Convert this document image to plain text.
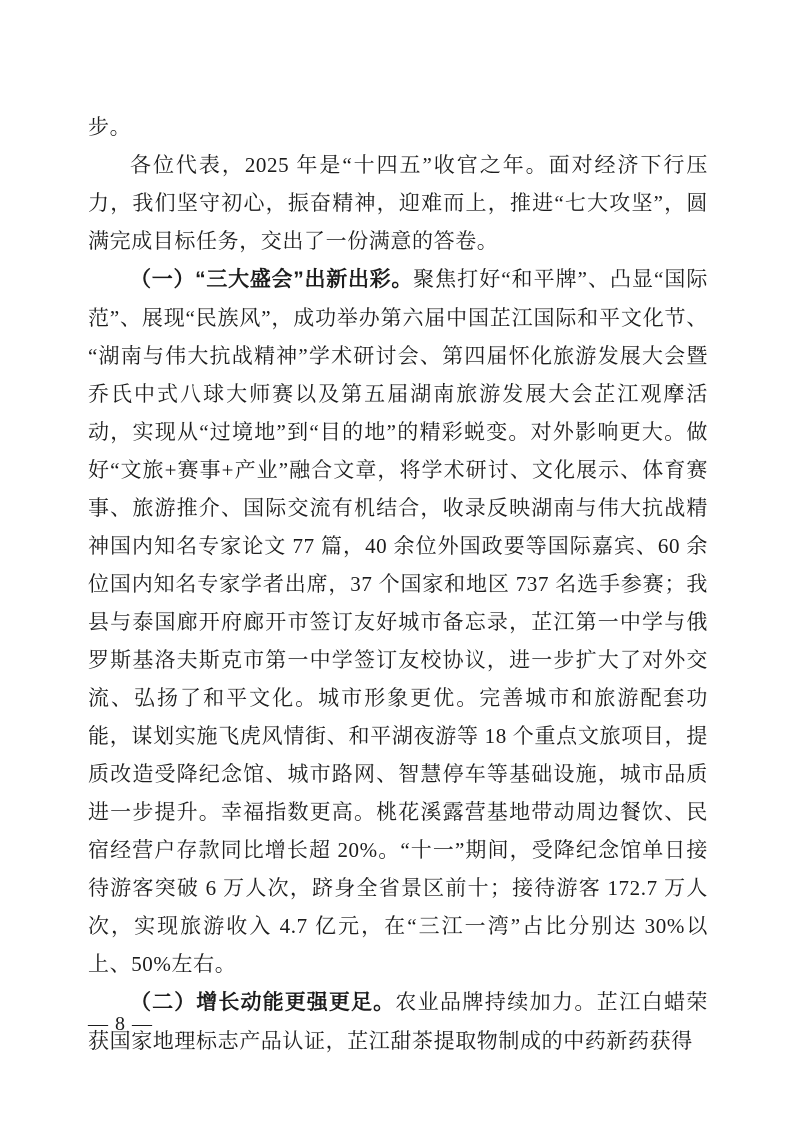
步。

各位代表，2025 年是“十四五”收官之年。面对经济下行压力，我们坚守初心，振奋精神，迎难而上，推进“七大攻坚”，圆满完成目标任务，交出了一份满意的答卷。

（一）“三大盛会”出新出彩。聚焦打好“和平牌”、凸显“国际范”、展现“民族风”，成功举办第六届中国芷江国际和平文化节、“湖南与伟大抗战精神”学术研讨会、第四届怀化旅游发展大会暨乔氏中式八球大师赛以及第五届湖南旅游发展大会芷江观摩活动，实现从“过境地”到“目的地”的精彩蜕变。对外影响更大。做好“文旅+赛事+产业”融合文章，将学术研讨、文化展示、体育赛事、旅游推介、国际交流有机结合，收录反映湖南与伟大抗战精神国内知名专家论文 77 篇，40 余位外国政要等国际嘉宾、60 余位国内知名专家学者出席，37 个国家和地区 737 名选手参赛；我县与泰国廊开府廊开市签订友好城市备忘录，芷江第一中学与俄罗斯基洛夫斯克市第一中学签订友校协议，进一步扩大了对外交流、弘扬了和平文化。城市形象更优。完善城市和旅游配套功能，谋划实施飞虎风情街、和平湖夜游等 18 个重点文旅项目，提质改造受降纪念馆、城市路网、智慧停车等基础设施，城市品质进一步提升。幸福指数更高。桃花溪露营基地带动周边餐饮、民宿经营户存款同比增长超 20%。“十一”期间，受降纪念馆单日接待游客突破 6 万人次，跻身全省景区前十；接待游客 172.7 万人次，实现旅游收入 4.7 亿元，在“三江一湾”占比分别达 30%以上、50%左右。

（二）增长动能更强更足。农业品牌持续加力。芷江白蜡荣获国家地理标志产品认证，芷江甜茶提取物制成的中药新药获得

— 8 —
